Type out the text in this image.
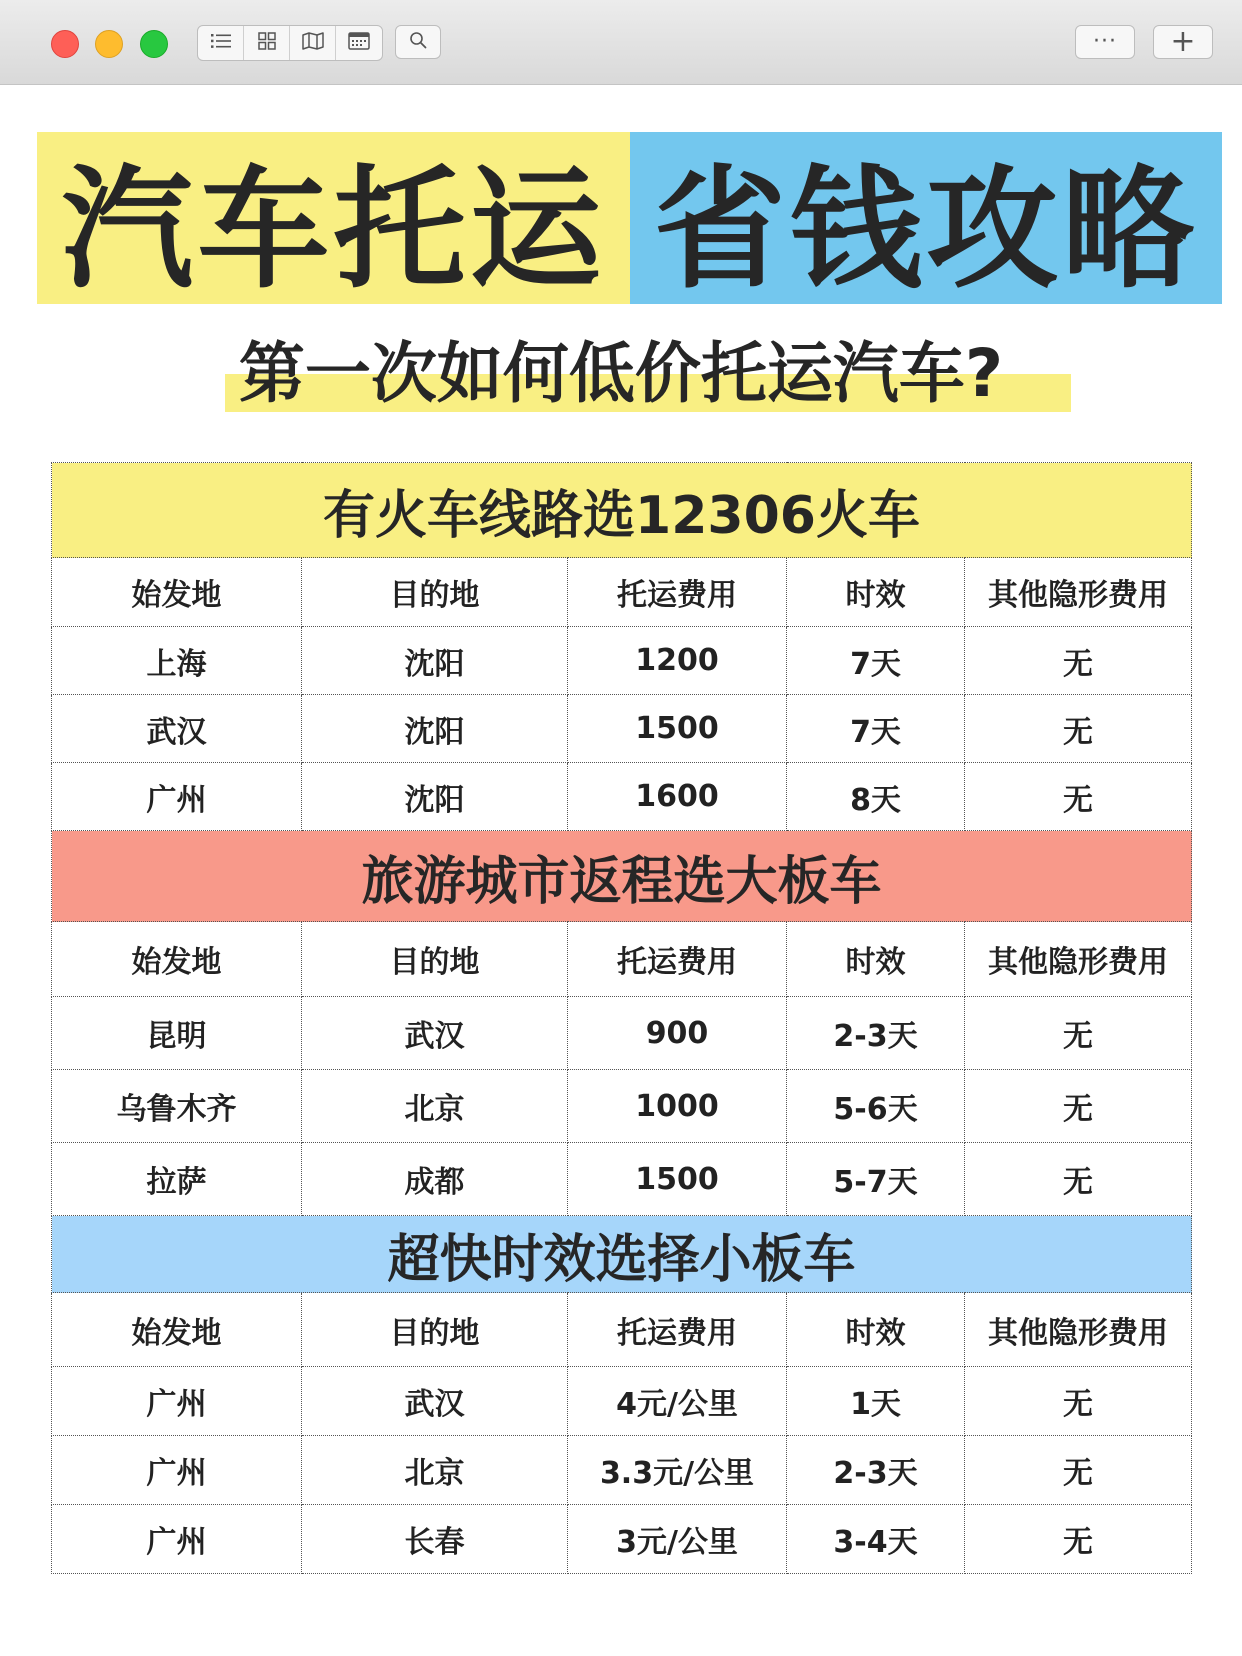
··· +
汽车托运 省钱攻略
第一次如何低价托运汽车?
有火车线路选12306火车				
始发地	目的地	托运费用	时效	其他隐形费用
上海	沈阳	1200	7天	无
武汉	沈阳	1500	7天	无
广州	沈阳	1600	8天	无
旅游城市返程选大板车				
始发地	目的地	托运费用	时效	其他隐形费用
昆明	武汉	900	2-3天	无
乌鲁木齐	北京	1000	5-6天	无
拉萨	成都	1500	5-7天	无
超快时效选择小板车				
始发地	目的地	托运费用	时效	其他隐形费用
广州	武汉	4元/公里	1天	无
广州	北京	3.3元/公里	2-3天	无
广州	长春	3元/公里	3-4天	无
